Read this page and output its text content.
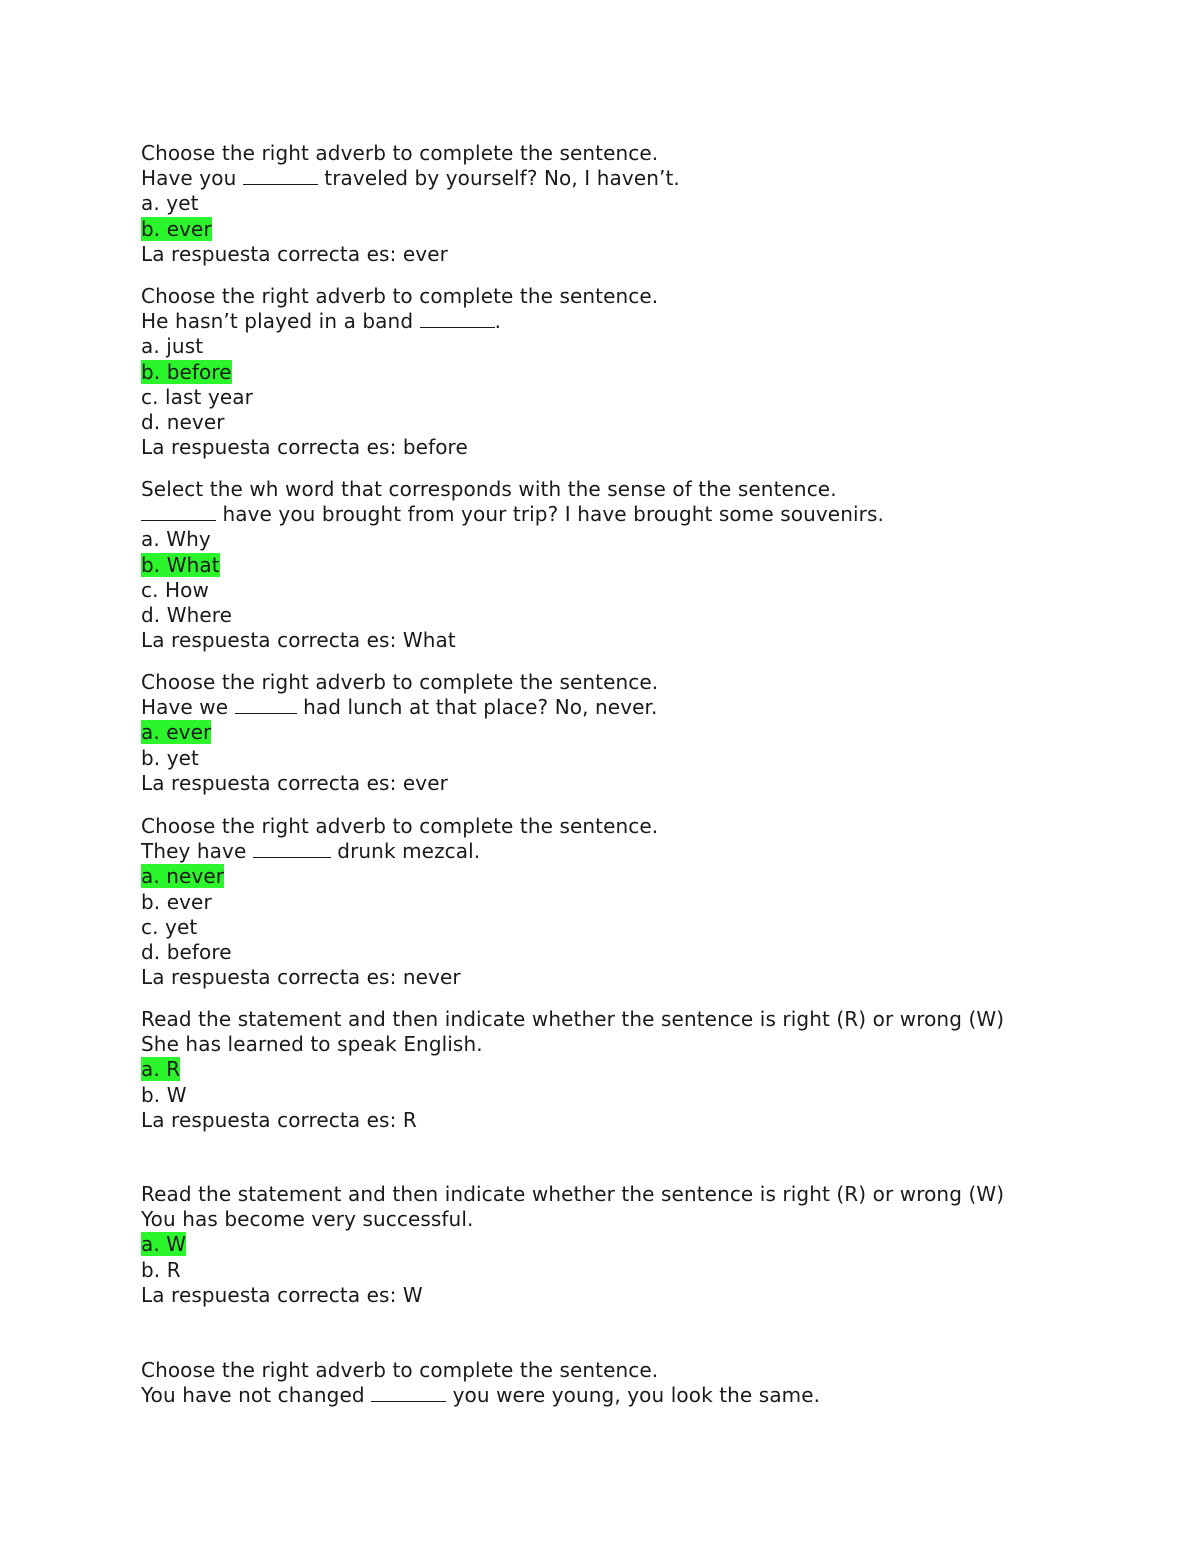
Choose the right adverb to complete the sentence.
Have you	traveled by yourself? No, I haven’t.
a. yet
b. ever
La respuesta correcta es: ever
Choose the right adverb to complete the sentence.
He hasn’t played in a band	.
a. just
b. before
c. last year
d. never
La respuesta correcta es: before
Select the wh word that corresponds with the sense of the sentence.
have you brought from your trip? I have brought some souvenirs.
a. Why
b. What
c. How
d. Where
La respuesta correcta es: What
Choose the right adverb to complete the sentence.
Have we	had lunch at that place? No, never.
a. ever
b. yet
La respuesta correcta es: ever
Choose the right adverb to complete the sentence.
They have	drunk mezcal.
a. never
b. ever
c. yet
d. before
La respuesta correcta es: never
Read the statement and then indicate whether the sentence is right (R) or wrong (W)
She has learned to speak English.
a. R
b. W
La respuesta correcta es: R
Read the statement and then indicate whether the sentence is right (R) or wrong (W)
You has become very successful.
a. W
b. R
La respuesta correcta es: W
Choose the right adverb to complete the sentence.
You have not changed	you were young, you look the same.
